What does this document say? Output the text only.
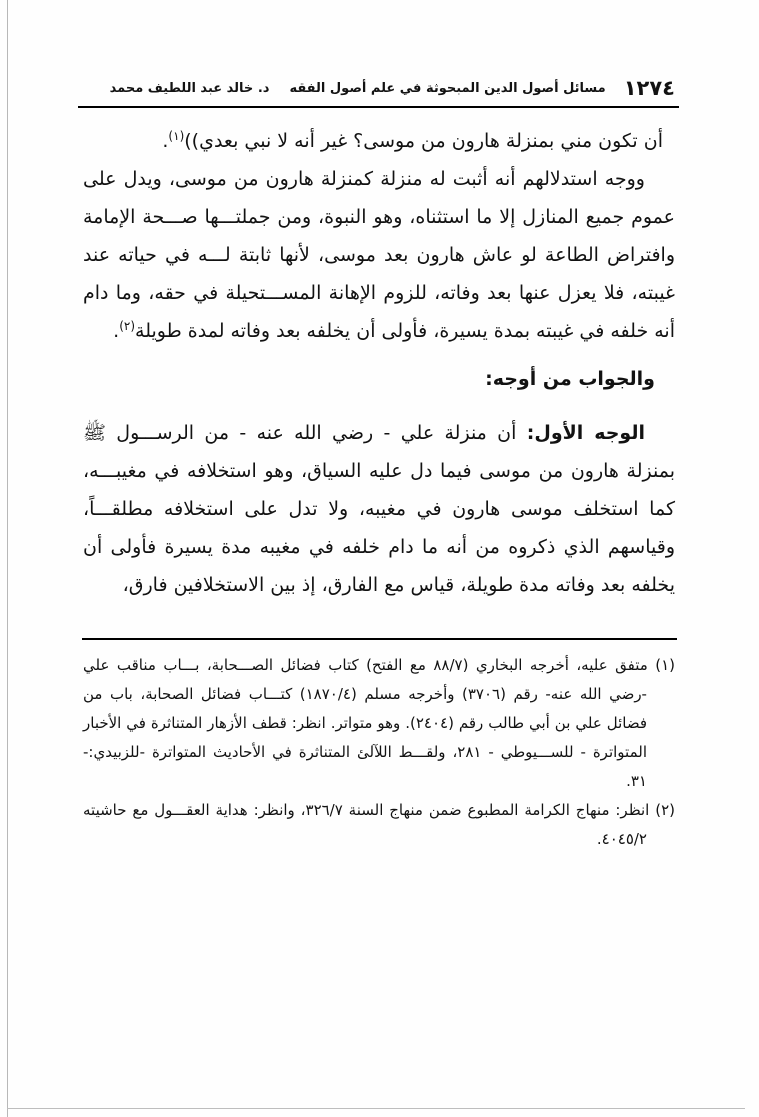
١٢٧٤
مسائل أصول الدين المبحوثة في علم أصول الفقه
د. خالد عبد اللطيف محمد

أن تكون مني بمنزلة هارون من موسى؟ غير أنه لا نبي بعدي))$^{(١)}$.

ووجه استدلالهم أنه أثبت له منزلة كمنزلة هارون من موسى، ويدل على عموم جميع المنازل إلا ما استثناه، وهو النبوة، ومن جملتـــها صـــحة الإمامة وافتراض الطاعة لو عاش هارون بعد موسى، لأنها ثابتة لـــه في حياته عند غيبته، فلا يعزل عنها بعد وفاته، للزوم الإهانة المســـتحيلة في حقه، وما دام أنه خلفه في غيبته بمدة يسيرة، فأولى أن يخلفه بعد وفاته لمدة طويلة$^{(٢)}$.

والجواب من أوجه:

الوجه الأول: أن منزلة علي - رضي الله عنه - من الرســـول ﷺ بمنزلة هارون من موسى فيما دل عليه السياق، وهو استخلافه في مغيبـــه، كما استخلف موسى هارون في مغيبه، ولا تدل على استخلافه مطلقـــاً، وقياسهم الذي ذكروه من أنه ما دام خلفه في مغيبه مدة يسيرة فأولى أن يخلفه بعد وفاته مدة طويلة، قياس مع الفارق، إذ بين الاستخلافين فارق،

(١) متفق عليه، أخرجه البخاري (٨٨/٧ مع الفتح) كتاب فضائل الصـــحابة، بـــاب مناقب علي -رضي الله عنه- رقم (٣٧٠٦) وأخرجه مسلم (١٨٧٠/٤) كتـــاب فضائل الصحابة، باب من فضائل علي بن أبي طالب رقم (٢٤٠٤). وهو متواتر. انظر: قطف الأزهار المتناثرة في الأخبار المتواترة - للســـيوطي - ٢٨١، ولقـــط اللآلئ المتناثرة في الأحاديث المتواترة -للزبيدي:- ٣١.

(٢) انظر: منهاج الكرامة المطبوع ضمن منهاج السنة ٣٢٦/٧، وانظر: هداية العقـــول مع حاشيته ٤٠٤٥/٢.
